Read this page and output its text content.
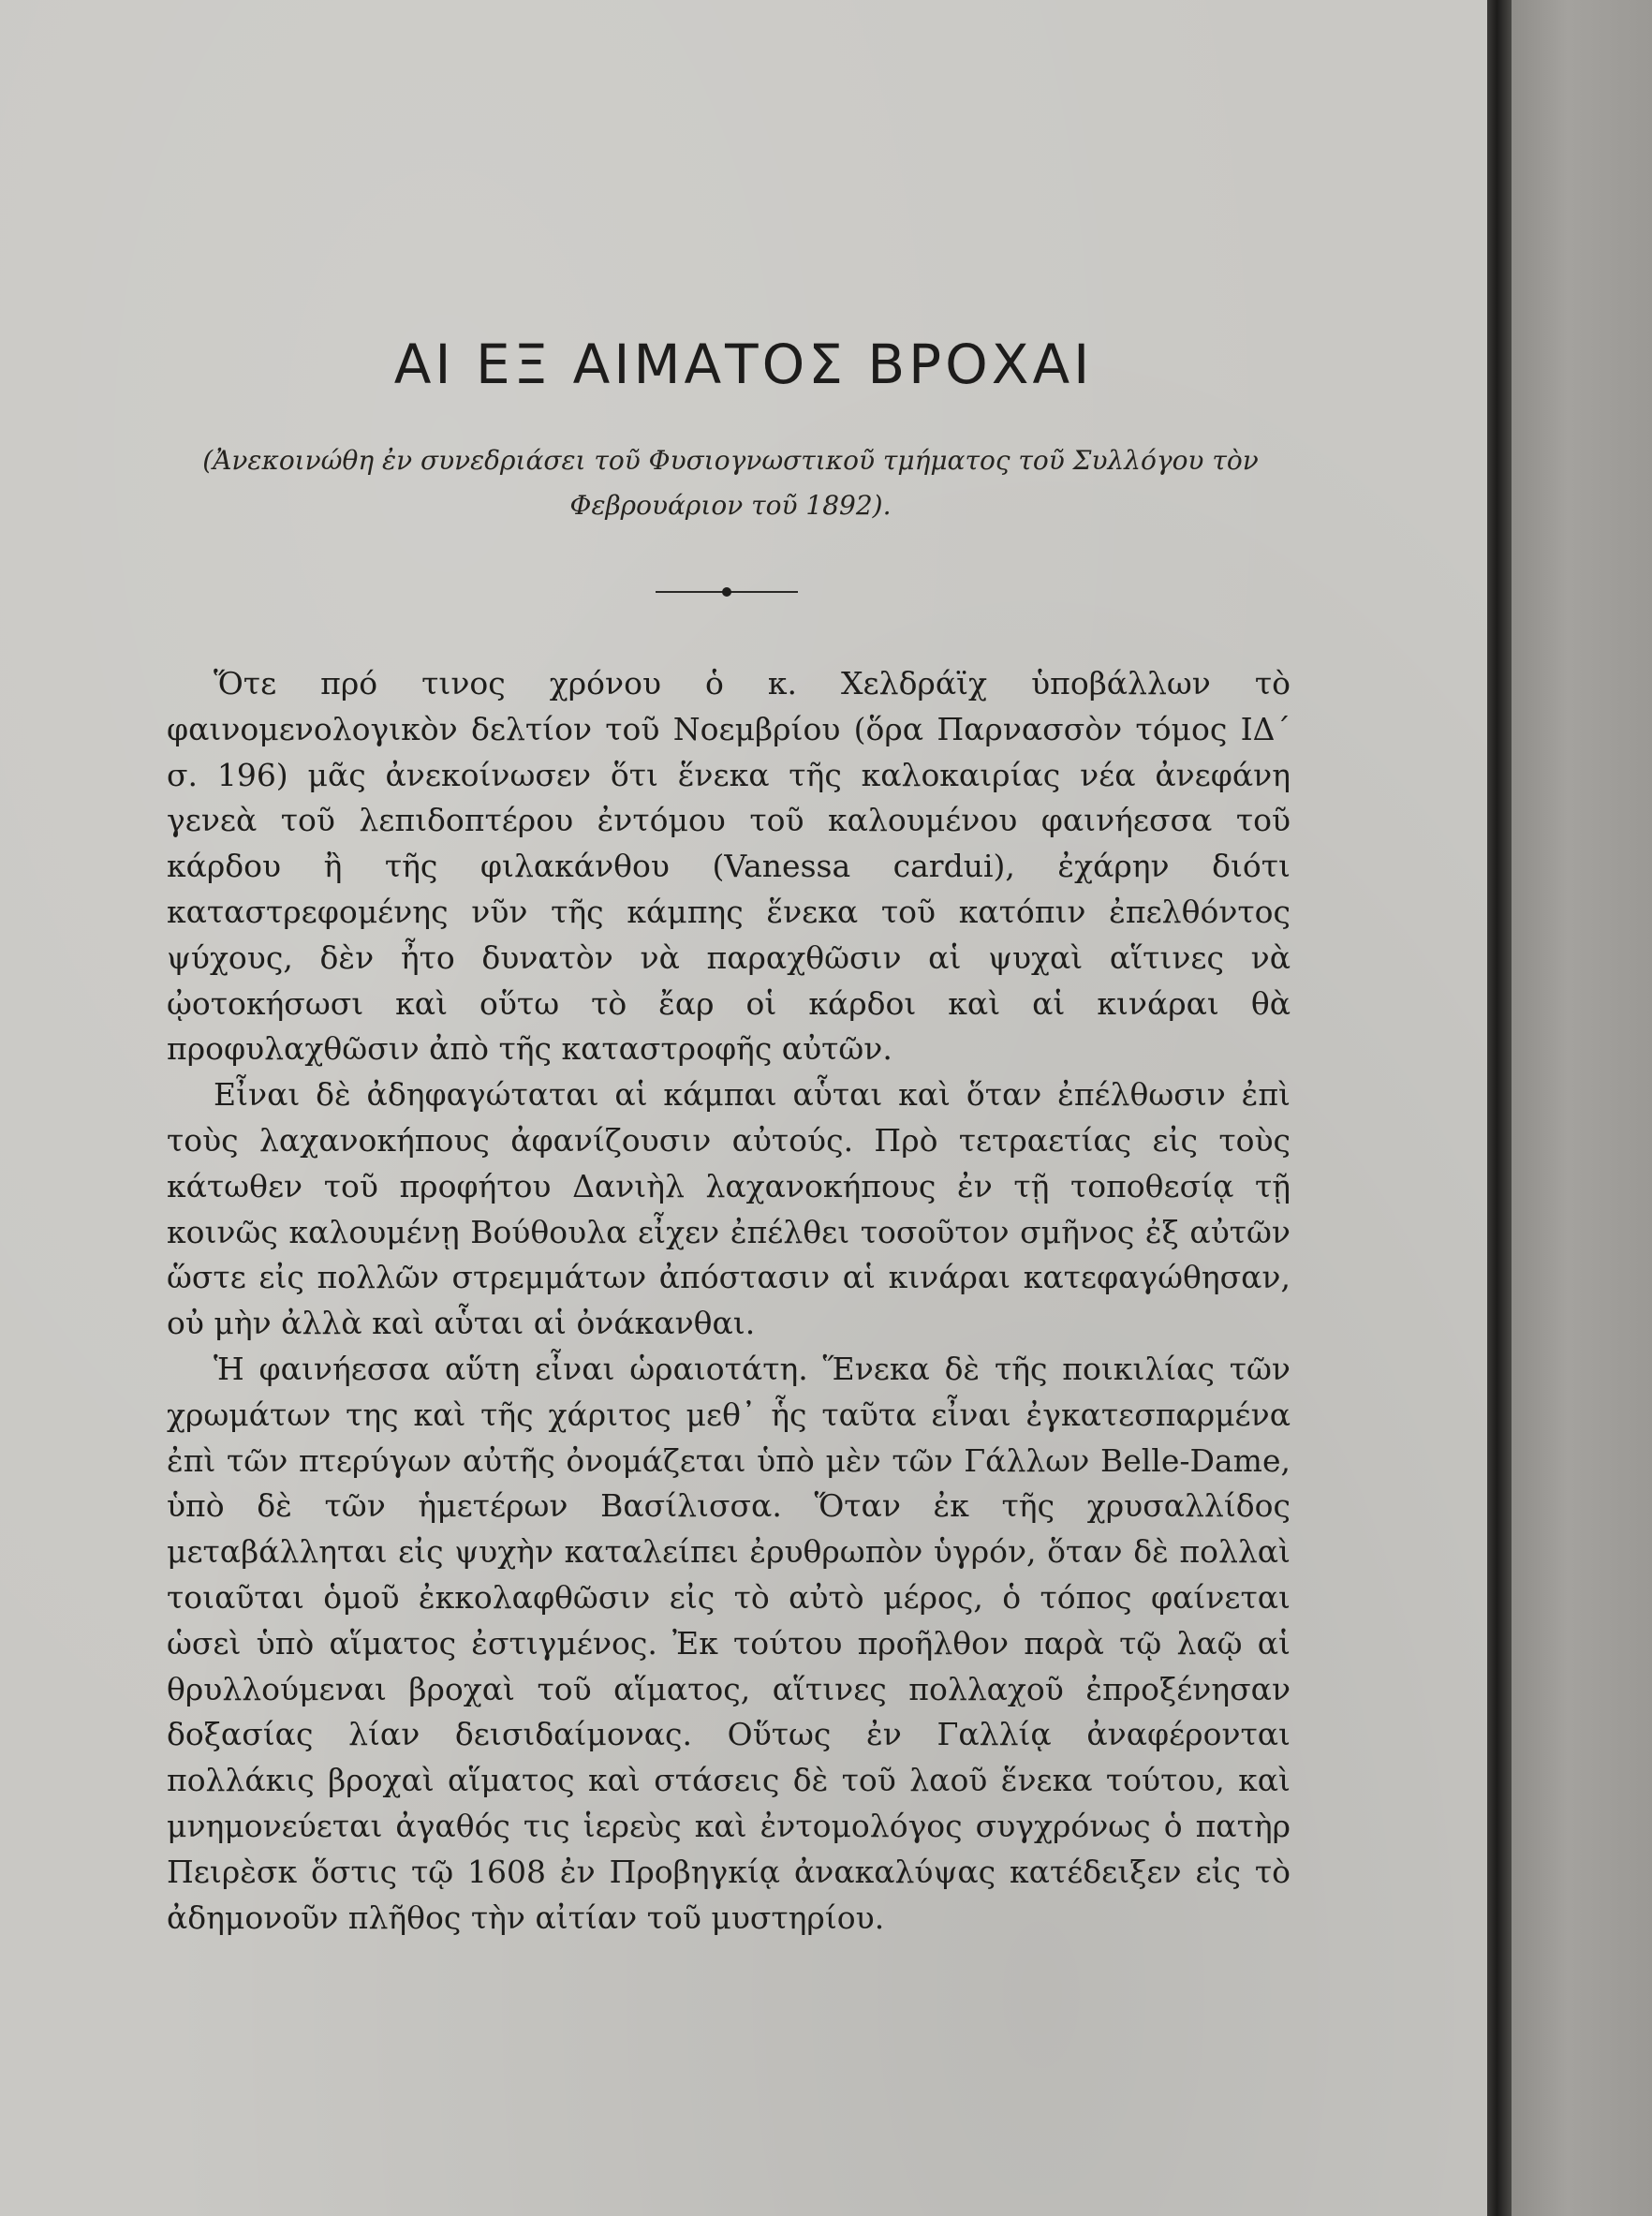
ΑΙ ΕΞ ΑΙΜΑΤΟΣ ΒΡΟΧΑΙ

(Ἀνεκοινώθη ἐν συνεδριάσει τοῦ Φυσιογνωστικοῦ τμήματος τοῦ Συλλόγου τὸν Φεβρουάριον τοῦ 1892).

Ὅτε πρό τινος χρόνου ὁ κ. Χελδράϊχ ὑποβάλλων τὸ φαινομενολογικὸν δελτίον τοῦ Νοεμβρίου (ὅρα Παρνασσὸν τόμος ΙΔ΄ σ. 196) μᾶς ἀνεκοίνωσεν ὅτι ἕνεκα τῆς καλοκαιρίας νέα ἀνεφάνη γενεὰ τοῦ λεπιδοπτέρου ἐντόμου τοῦ καλουμένου φαινήεσσα τοῦ κάρδου ἢ τῆς φιλακάνθου (Vanessa cardui), ἐχάρην διότι καταστρεφομένης νῦν τῆς κάμπης ἕνεκα τοῦ κατόπιν ἐπελθόντος ψύχους, δὲν ἦτο δυνατὸν νὰ παραχθῶσιν αἱ ψυχαὶ αἵτινες νὰ ᾠοτοκήσωσι καὶ οὕτω τὸ ἔαρ οἱ κάρδοι καὶ αἱ κινάραι θὰ προφυλαχθῶσιν ἀπὸ τῆς καταστροφῆς αὐτῶν.

Εἶναι δὲ ἀδηφαγώταται αἱ κάμπαι αὗται καὶ ὅταν ἐπέλθωσιν ἐπὶ τοὺς λαχανοκήπους ἀφανίζουσιν αὐτούς. Πρὸ τετραετίας εἰς τοὺς κάτωθεν τοῦ προφήτου Δανιὴλ λαχανοκήπους ἐν τῇ τοποθεσίᾳ τῇ κοινῶς καλουμένῃ Βούθουλα εἶχεν ἐπέλθει τοσοῦτον σμῆνος ἐξ αὐτῶν ὥστε εἰς πολλῶν στρεμμάτων ἀπόστασιν αἱ κινάραι κατεφαγώθησαν, οὐ μὴν ἀλλὰ καὶ αὗται αἱ ὀνάκανθαι.

Ἡ φαινήεσσα αὕτη εἶναι ὡραιοτάτη. Ἕνεκα δὲ τῆς ποικιλίας τῶν χρωμάτων της καὶ τῆς χάριτος μεθ᾽ ἧς ταῦτα εἶναι ἐγκατεσπαρμένα ἐπὶ τῶν πτερύγων αὐτῆς ὀνομάζεται ὑπὸ μὲν τῶν Γάλλων Belle-Dame, ὑπὸ δὲ τῶν ἡμετέρων Βασίλισσα. Ὅταν ἐκ τῆς χρυσαλλίδος μεταβάλληται εἰς ψυχὴν καταλείπει ἐρυθρωπὸν ὑγρόν, ὅταν δὲ πολλαὶ τοιαῦται ὁμοῦ ἐκκολαφθῶσιν εἰς τὸ αὐτὸ μέρος, ὁ τόπος φαίνεται ὡσεὶ ὑπὸ αἵματος ἐστιγμένος. Ἐκ τούτου προῆλθον παρὰ τῷ λαῷ αἱ θρυλλούμεναι βροχαὶ τοῦ αἵματος, αἵτινες πολλαχοῦ ἐπροξένησαν δοξασίας λίαν δεισιδαίμονας. Οὕτως ἐν Γαλλίᾳ ἀναφέρονται πολλάκις βροχαὶ αἵματος καὶ στάσεις δὲ τοῦ λαοῦ ἕνεκα τούτου, καὶ μνημονεύεται ἀγαθός τις ἱερεὺς καὶ ἐντομολόγος συγχρόνως ὁ πατὴρ Πειρὲσκ ὅστις τῷ 1608 ἐν Προβηγκίᾳ ἀνακαλύψας κατέδειξεν εἰς τὸ ἀδημονοῦν πλῆθος τὴν αἰτίαν τοῦ μυστηρίου.
